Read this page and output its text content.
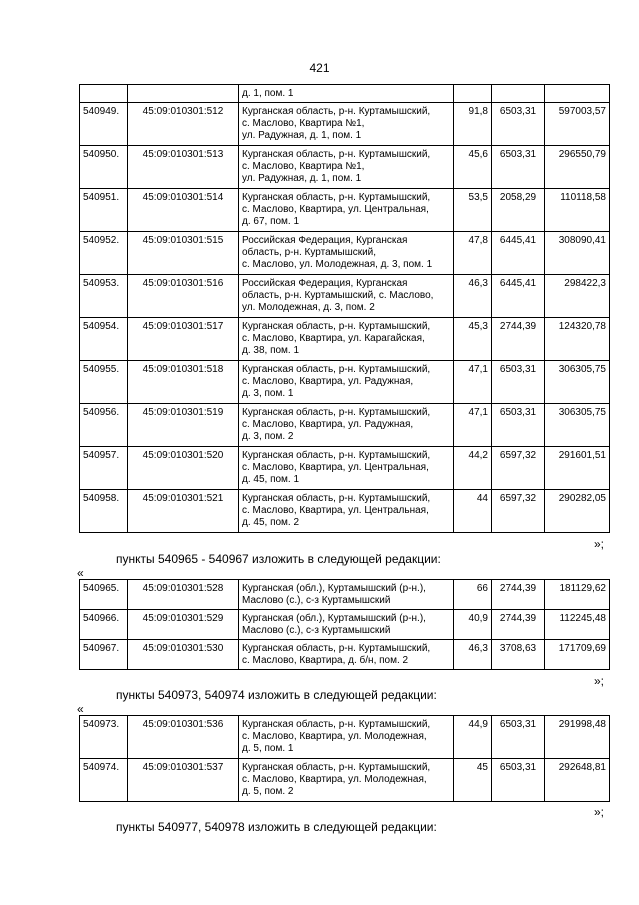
421
		д. 1, пом. 1			
540949.	45:09:010301:512	Курганская область, р-н. Куртамышский,
с. Маслово, Квартира №1,
ул. Радужная, д. 1, пом. 1	91,8	6503,31	597003,57
540950.	45:09:010301:513	Курганская область, р-н. Куртамышский,
с. Маслово, Квартира №1,
ул. Радужная, д. 1, пом. 1	45,6	6503,31	296550,79
540951.	45:09:010301:514	Курганская область, р-н. Куртамышский,
с. Маслово, Квартира, ул. Центральная,
д. 67, пом. 1	53,5	2058,29	110118,58
540952.	45:09:010301:515	Российская Федерация, Курганская
область, р-н. Куртамышский,
с. Маслово, ул. Молодежная, д. 3, пом. 1	47,8	6445,41	308090,41
540953.	45:09:010301:516	Российская Федерация, Курганская
область, р-н. Куртамышский, с. Маслово,
ул. Молодежная, д. 3, пом. 2	46,3	6445,41	298422,3
540954.	45:09:010301:517	Курганская область, р-н. Куртамышский,
с. Маслово, Квартира, ул. Карагайская,
д. 38, пом. 1	45,3	2744,39	124320,78
540955.	45:09:010301:518	Курганская область, р-н. Куртамышский,
с. Маслово, Квартира, ул. Радужная,
д. 3, пом. 1	47,1	6503,31	306305,75
540956.	45:09:010301:519	Курганская область, р-н. Куртамышский,
с. Маслово, Квартира, ул. Радужная,
д. 3, пом. 2	47,1	6503,31	306305,75
540957.	45:09:010301:520	Курганская область, р-н. Куртамышский,
с. Маслово, Квартира, ул. Центральная,
д. 45, пом. 1	44,2	6597,32	291601,51
540958.	45:09:010301:521	Курганская область, р-н. Куртамышский,
с. Маслово, Квартира, ул. Центральная,
д. 45, пом. 2	44	6597,32	290282,05
»;
пункты 540965 - 540967 изложить в следующей редакции:
«
540965.	45:09:010301:528	Курганская (обл.), Куртамышский (р-н.),
Маслово (с.), с-з Куртамышский	66	2744,39	181129,62
540966.	45:09:010301:529	Курганская (обл.), Куртамышский (р-н.),
Маслово (с.), с-з Куртамышский	40,9	2744,39	112245,48
540967.	45:09:010301:530	Курганская область, р-н. Куртамышский,
с. Маслово, Квартира, д. б/н, пом. 2	46,3	3708,63	171709,69
»;
пункты 540973, 540974 изложить в следующей редакции:
«
540973.	45:09:010301:536	Курганская область, р-н. Куртамышский,
с. Маслово, Квартира, ул. Молодежная,
д. 5, пом. 1	44,9	6503,31	291998,48
540974.	45:09:010301:537	Курганская область, р-н. Куртамышский,
с. Маслово, Квартира, ул. Молодежная,
д. 5, пом. 2	45	6503,31	292648,81
»;
пункты 540977, 540978 изложить в следующей редакции:
